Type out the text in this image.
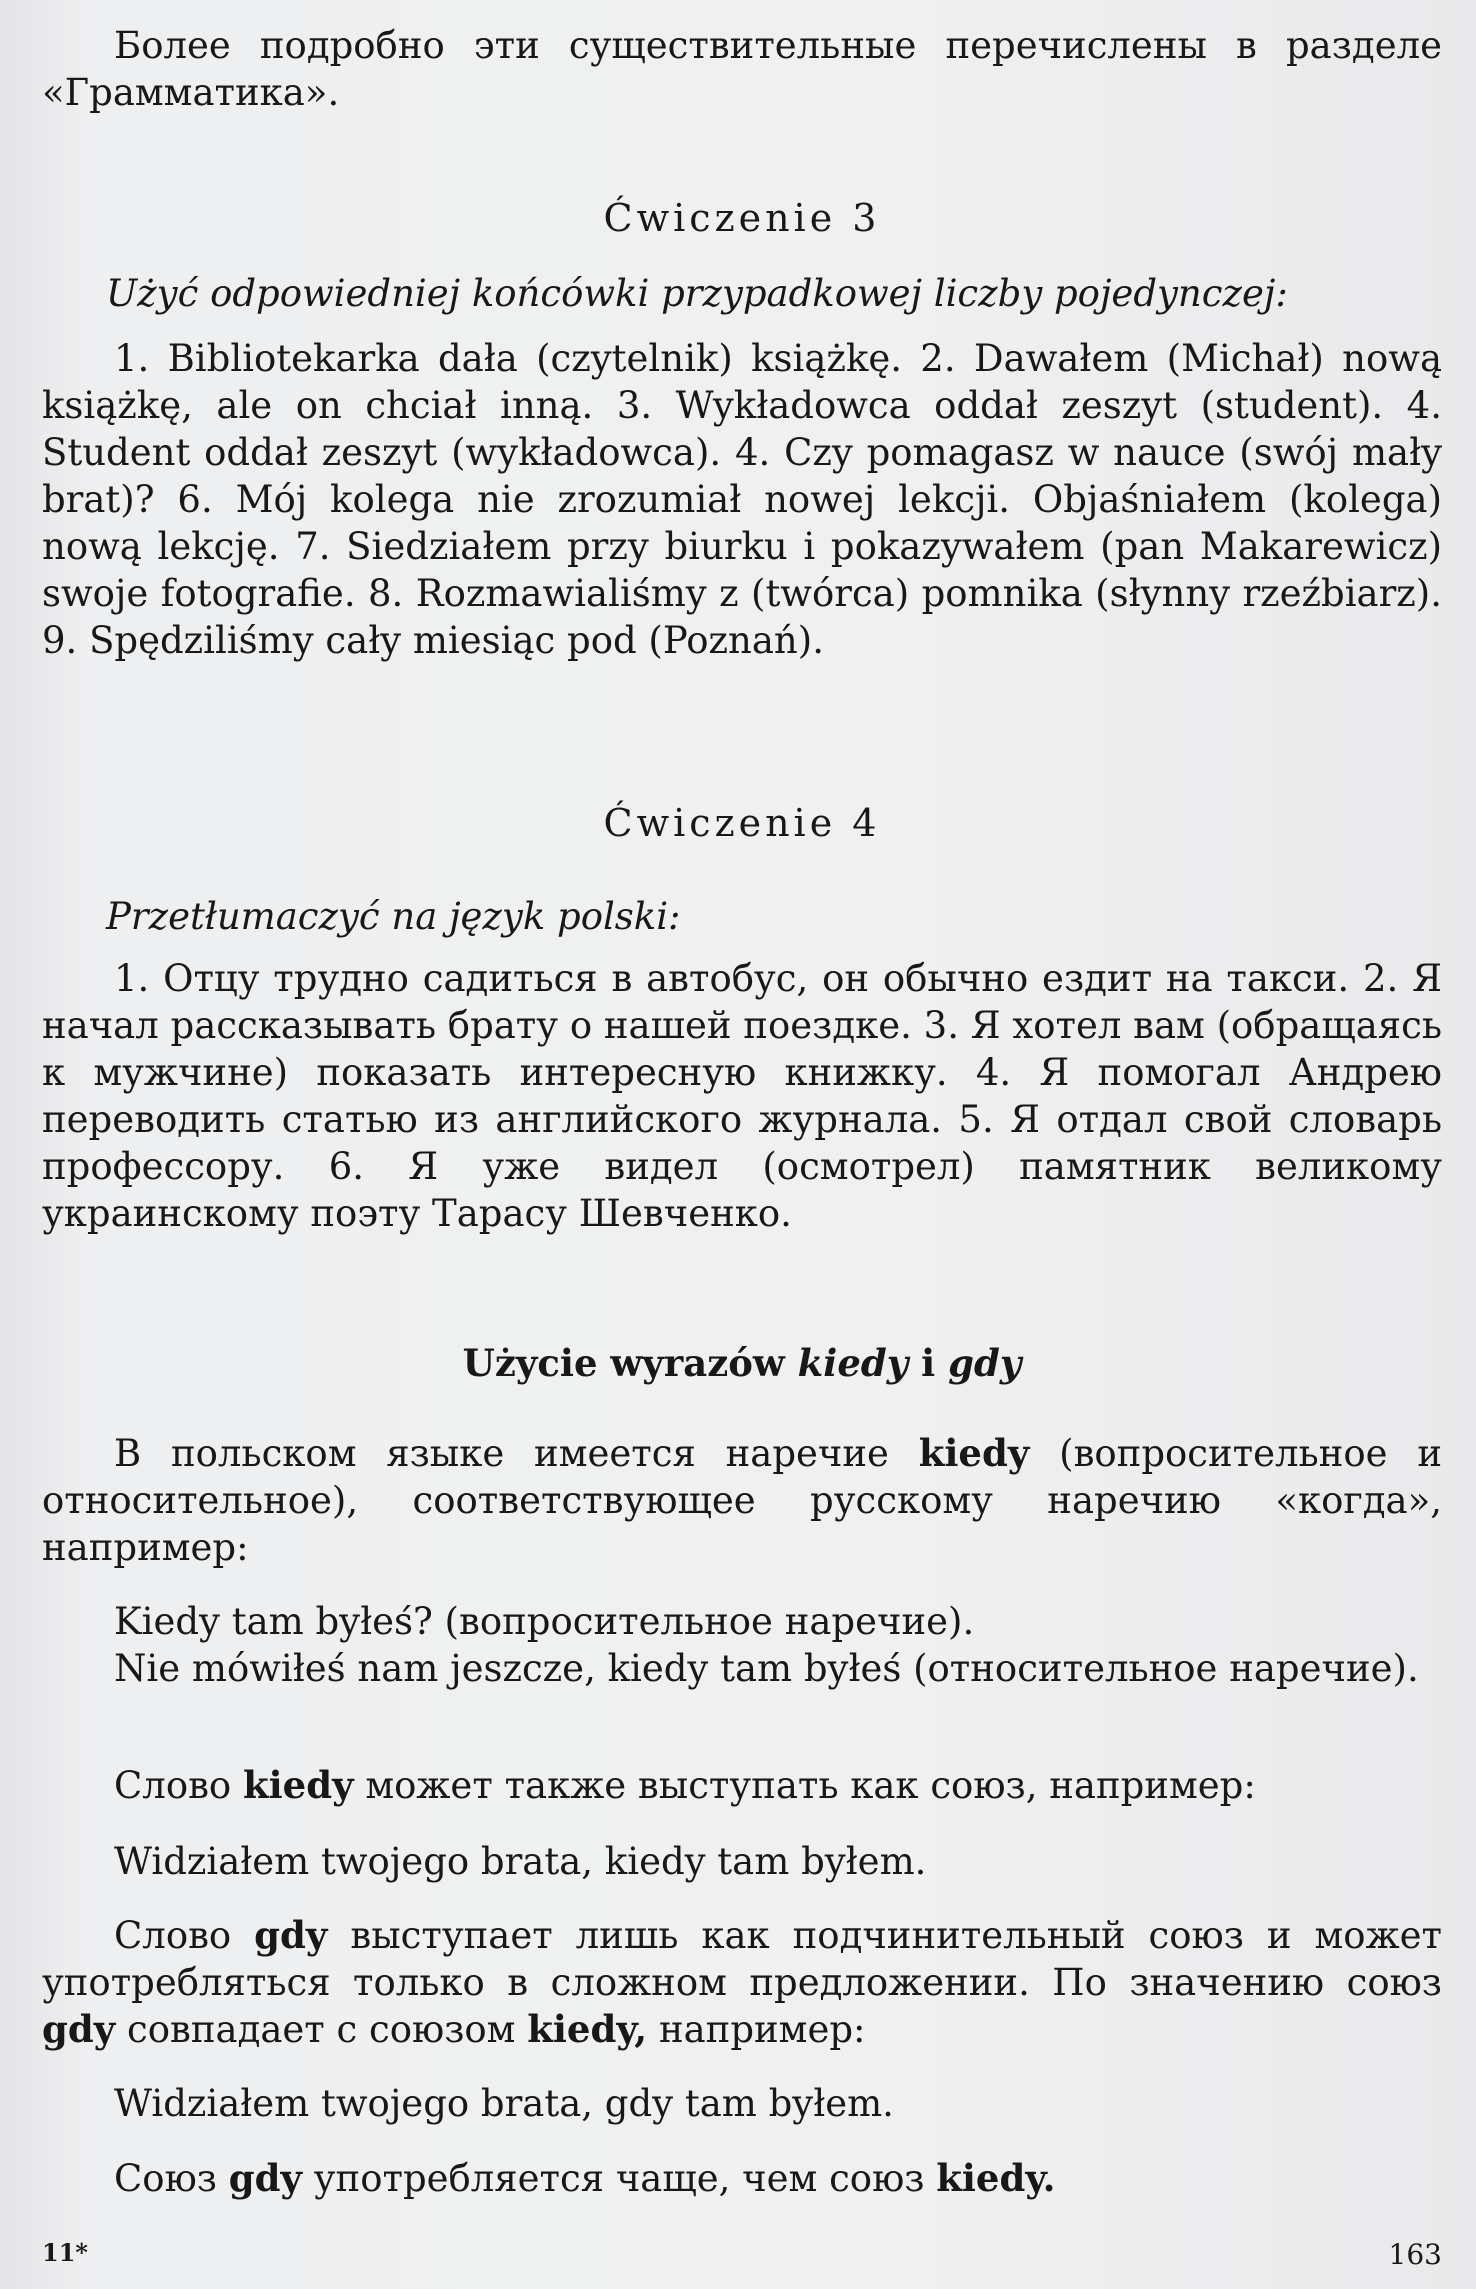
Более подробно эти существительные перечислены в разделе «Грамматика».

Ćwiczenie 3

Użyć odpowiedniej końcówki przypadkowej liczby pojedynczej:

1. Bibliotekarka dała (czytelnik) książkę. 2. Dawałem (Michał) nową książkę, ale on chciał inną. 3. Wykładowca oddał zeszyt (student). 4. Student oddał zeszyt (wykładowca). 4. Czy pomagasz w nauce (swój mały brat)? 6. Mój kolega nie zrozumiał nowej lekcji. Objaśniałem (kolega) nową lekcję. 7. Siedziałem przy biurku i pokazywałem (pan Makarewicz) swoje fotografie. 8. Rozmawialiśmy z (twórca) pomnika (słynny rzeźbiarz). 9. Spędziliśmy cały miesiąc pod (Poznań).

Ćwiczenie 4

Przetłumaczyć na język polski:

1. Отцу трудно садиться в автобус, он обычно ездит на такси. 2. Я начал рассказывать брату о нашей поездке. 3. Я хотел вам (обращаясь к мужчине) показать интересную книжку. 4. Я помогал Андрею переводить статью из английского журнала. 5. Я отдал свой словарь профессору. 6. Я уже видел (осмотрел) памятник великому украинскому поэту Тарасу Шевченко.

Użycie wyrazów kiedy i gdy

В польском языке имеется наречие kiedy (вопросительное и относительное), соответствующее русскому наречию «когда», например:

Kiedy tam byłeś? (вопросительное наречие).

Nie mówiłeś nam jeszcze, kiedy tam byłeś (относительное наречие).

Слово kiedy может также выступать как союз, например:

Widziałem twojego brata, kiedy tam byłem.

Слово gdy выступает лишь как подчинительный союз и может употребляться только в сложном предложении. По значению союз gdy совпадает с союзом kiedy, например:

Widziałem twojego brata, gdy tam byłem.

Союз gdy употребляется чаще, чем союз kiedy.

11*	163
